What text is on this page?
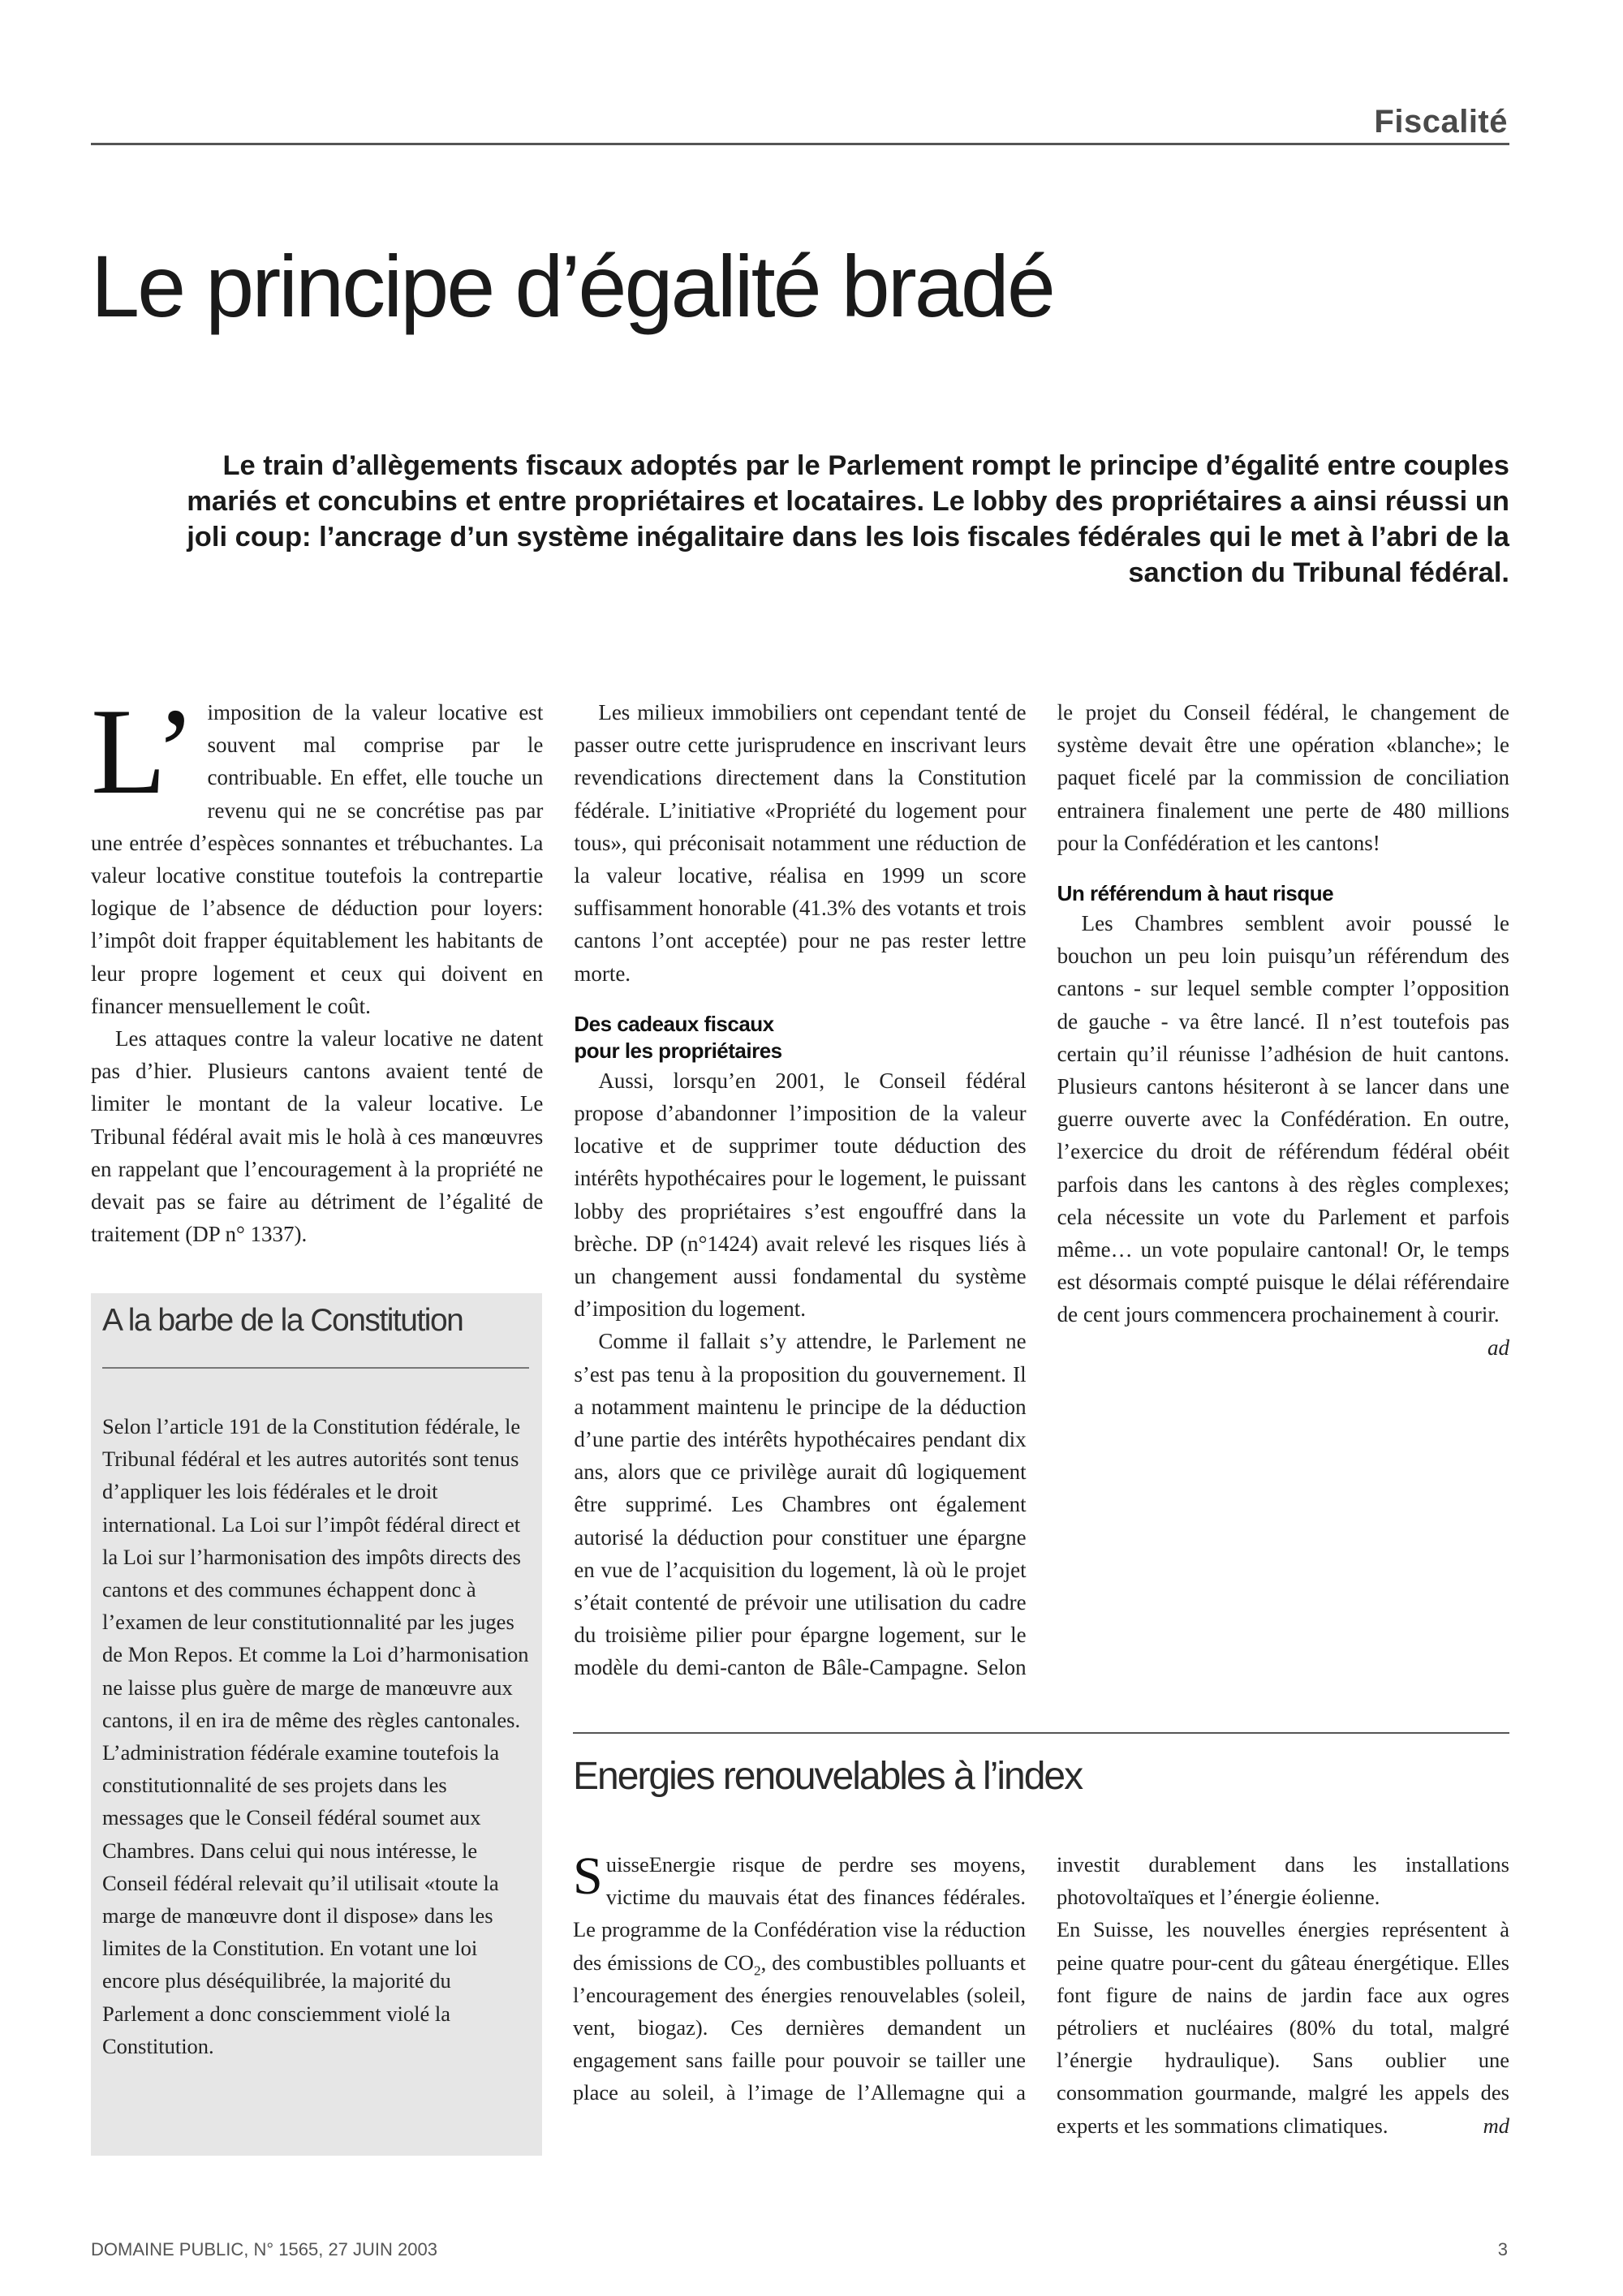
Fiscalité
Le principe d’égalité bradé

Le train d’allègements fiscaux adoptés par le Parlement rompt le principe d’égalité entre couples mariés et concubins et entre propriétaires et locataires. Le lobby des propriétaires a ainsi réussi un joli coup: l’ancrage d’un système inégalitaire dans les lois fiscales fédérales qui le met à l’abri de la sanction du Tribunal fédéral.

L’ imposition de la valeur locative est souvent mal comprise par le contribuable. En effet, elle touche un revenu qui ne se concrétise pas par une entrée d’espèces sonnantes et trébuchantes. La valeur locative constitue toutefois la contrepartie logique de l’absence de déduction pour loyers: l’impôt doit frapper équitablement les habitants de leur propre logement et ceux qui doivent en financer mensuellement le coût.

Les attaques contre la valeur locative ne datent pas d’hier. Plusieurs cantons avaient tenté de limiter le montant de la valeur locative. Le Tribunal fédéral avait mis le holà à ces manœuvres en rappelant que l’encouragement à la propriété ne devait pas se faire au détriment de l’égalité de traitement (DP n° 1337).

Les milieux immobiliers ont cependant tenté de passer outre cette jurisprudence en inscrivant leurs revendications directement dans la Constitution fédérale. L’initiative «Propriété du logement pour tous», qui préconisait notamment une réduction de la valeur locative, réalisa en 1999 un score suffisamment honorable (41.3% des votants et trois cantons l’ont acceptée) pour ne pas rester lettre morte.

Des cadeaux fiscaux
pour les propriétaires

Aussi, lorsqu’en 2001, le Conseil fédéral propose d’abandonner l’imposition de la valeur locative et de supprimer toute déduction des intérêts hypothécaires pour le logement, le puissant lobby des propriétaires s’est engouffré dans la brèche. DP (n°1424) avait relevé les risques liés à un changement aussi fondamental du système d’imposition du logement.

Comme il fallait s’y attendre, le Parlement ne s’est pas tenu à la proposition du gouvernement. Il a notamment maintenu le principe de la déduction d’une partie des intérêts hypothécaires pendant dix ans, alors que ce privilège aurait dû logiquement être supprimé. Les Chambres ont également autorisé la déduction pour constituer une épargne en vue de l’acquisition du logement, là où le projet s’était contenté de prévoir une utilisation du cadre du troisième pilier pour épargne logement, sur le modèle du demi-canton de Bâle-Campagne. Selon le projet du Conseil fédéral, le changement de système devait être une opération «blanche»; le paquet ficelé par la commission de conciliation entrainera finalement une perte de 480 millions pour la Confédération et les cantons!

Un référendum à haut risque

Les Chambres semblent avoir poussé le bouchon un peu loin puisqu’un référendum des cantons - sur lequel semble compter l’opposition de gauche - va être lancé. Il n’est toutefois pas certain qu’il réunisse l’adhésion de huit cantons. Plusieurs cantons hésiteront à se lancer dans une guerre ouverte avec la Confédération. En outre, l’exercice du droit de référendum fédéral obéit parfois dans les cantons à des règles complexes; cela nécessite un vote du Parlement et parfois même… un vote populaire cantonal! Or, le temps est désormais compté puisque le délai référendaire de cent jours commencera prochainement à courir.
ad

A la barbe de la Constitution

Selon l’article 191 de la Constitution fédérale, le Tribunal fédéral et les autres autorités sont tenus d’appliquer les lois fédérales et le droit international. La Loi sur l’impôt fédéral direct et la Loi sur l’harmonisation des impôts directs des cantons et des communes échappent donc à l’examen de leur constitutionnalité par les juges de Mon Repos. Et comme la Loi d’harmonisation ne laisse plus guère de marge de manœuvre aux cantons, il en ira de même des règles cantonales. L’administration fédérale examine toutefois la constitutionnalité de ses projets dans les messages que le Conseil fédéral soumet aux Chambres. Dans celui qui nous intéresse, le Conseil fédéral relevait qu’il utilisait «toute la marge de manœuvre dont il dispose» dans les limites de la Constitution. En votant une loi encore plus déséquilibrée, la majorité du Parlement a donc consciemment violé la Constitution.

Energies renouvelables à l’index

SuisseEnergie risque de perdre ses moyens, victime du mauvais état des finances fédérales. Le programme de la Confédération vise la réduction des émissions de $CO_2$, des combustibles polluants et l’encouragement des énergies renouvelables (soleil, vent, biogaz). Ces dernières demandent un engagement sans faille pour pouvoir se tailler une place au soleil, à l’image de l’Allemagne qui a investit durablement dans les installations photovoltaïques et l’énergie éolienne.

En Suisse, les nouvelles énergies représentent à peine quatre pour-cent du gâteau énergétique. Elles font figure de nains de jardin face aux ogres pétroliers et nucléaires (80% du total, malgré l’énergie hydraulique). Sans oublier une consommation gourmande, malgré les appels des experts et les sommations climatiques.	md

DOMAINE PUBLIC, N° 1565, 27 JUIN 2003	3
